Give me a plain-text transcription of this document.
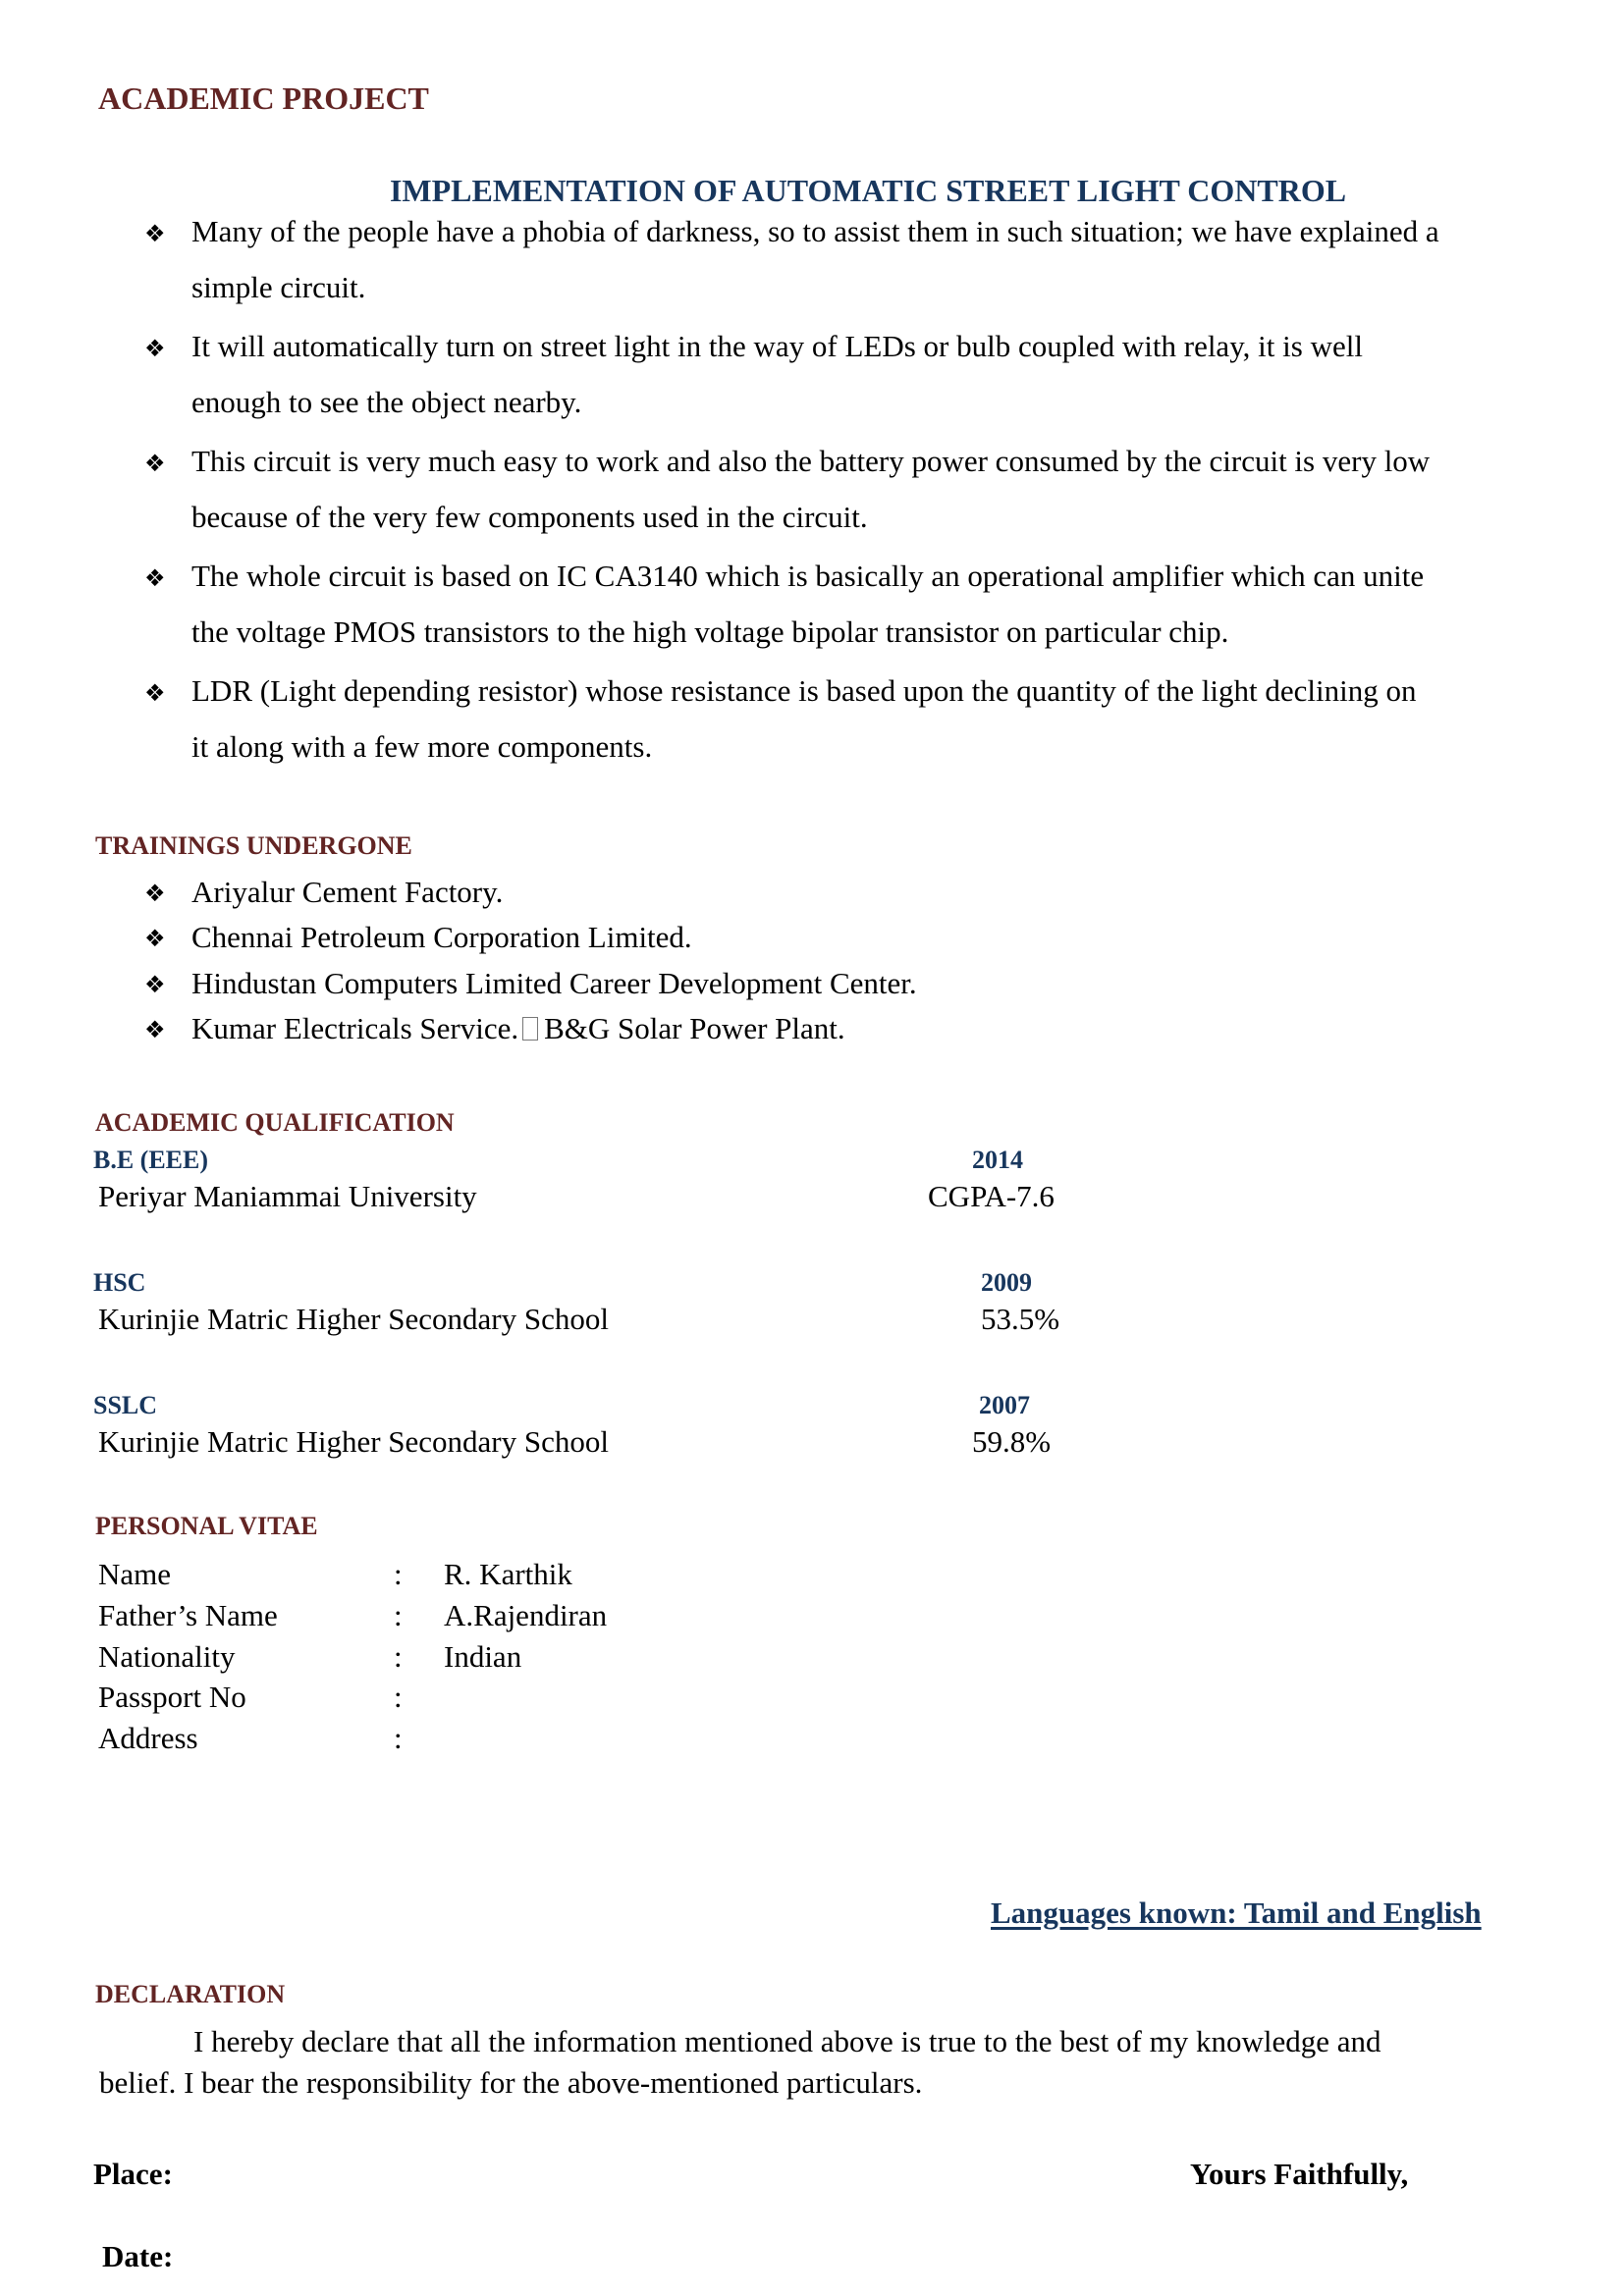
ACADEMIC PROJECT
IMPLEMENTATION OF AUTOMATIC STREET LIGHT CONTROL
❖ Many of the people have a phobia of darkness, so to assist them in such situation; we have explained a
simple circuit.
❖ It will automatically turn on street light in the way of LEDs or bulb coupled with relay, it is well
enough to see the object nearby.
❖ This circuit is very much easy to work and also the battery power consumed by the circuit is very low
because of the very few components used in the circuit.
❖ The whole circuit is based on IC CA3140 which is basically an operational amplifier which can unite
the voltage PMOS transistors to the high voltage bipolar transistor on particular chip.
❖ LDR (Light depending resistor) whose resistance is based upon the quantity of the light declining on
it along with a few more components.
TRAININGS UNDERGONE
❖ Ariyalur Cement Factory.
❖ Chennai Petroleum Corporation Limited.
❖ Hindustan Computers Limited Career Development Center.
❖ Kumar Electricals Service. B&G Solar Power Plant.
ACADEMIC QUALIFICATION
B.E (EEE)	2014
Periyar Maniammai University	CGPA-7.6
HSC	2009
Kurinjie Matric Higher Secondary School	53.5%
SSLC	2007
Kurinjie Matric Higher Secondary School	59.8%
PERSONAL VITAE
Name	: R. Karthik
Father’s Name	: A.Rajendiran
Nationality	: Indian
Passport No	:
Address	:
Languages known: Tamil and English
DECLARATION
I hereby declare that all the information mentioned above is true to the best of my knowledge and
belief. I bear the responsibility for the above-mentioned particulars.
Place:	Yours Faithfully,
Date:
